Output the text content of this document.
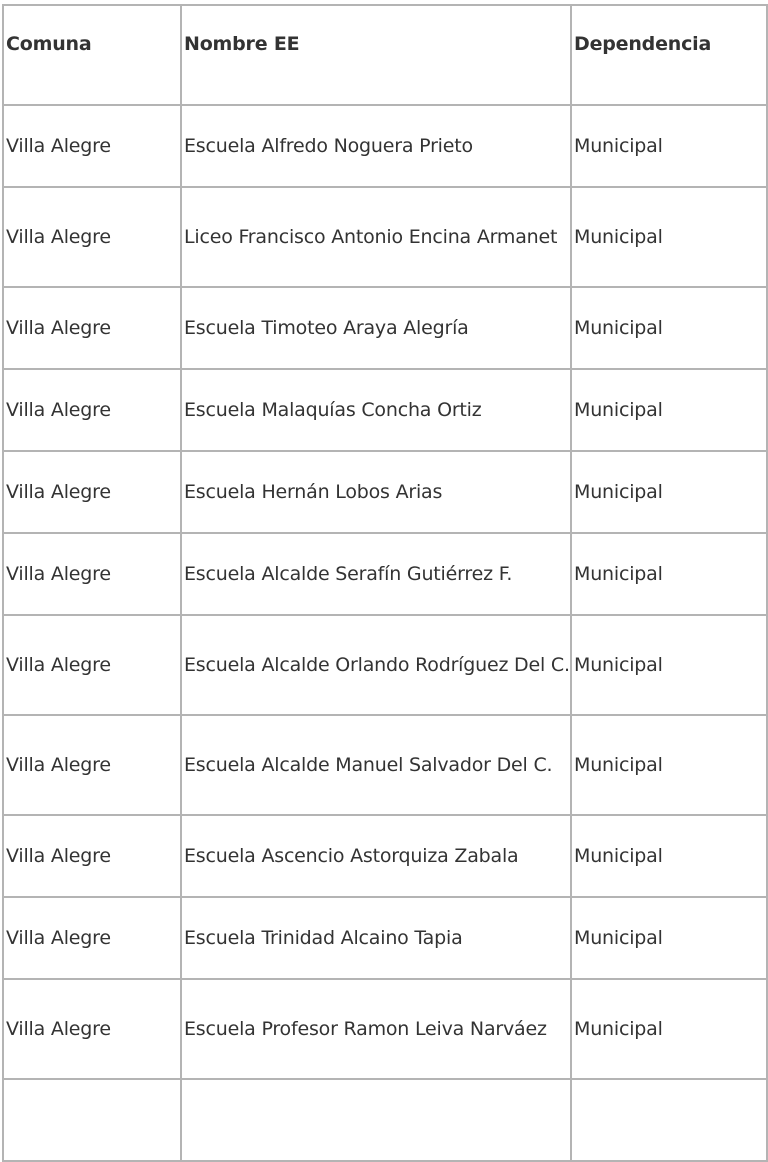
Comuna	Nombre EE	Dependencia
Villa Alegre	Escuela Alfredo Noguera Prieto	Municipal
Villa Alegre	Liceo Francisco Antonio Encina Armanet	Municipal
Villa Alegre	Escuela Timoteo Araya Alegría	Municipal
Villa Alegre	Escuela Malaquías Concha Ortiz	Municipal
Villa Alegre	Escuela Hernán Lobos Arias	Municipal
Villa Alegre	Escuela Alcalde Serafín Gutiérrez F.	Municipal
Villa Alegre	Escuela Alcalde Orlando Rodríguez Del C.	Municipal
Villa Alegre	Escuela Alcalde Manuel Salvador Del C.	Municipal
Villa Alegre	Escuela Ascencio Astorquiza Zabala	Municipal
Villa Alegre	Escuela Trinidad Alcaino Tapia	Municipal
Villa Alegre	Escuela Profesor Ramon Leiva Narváez	Municipal
